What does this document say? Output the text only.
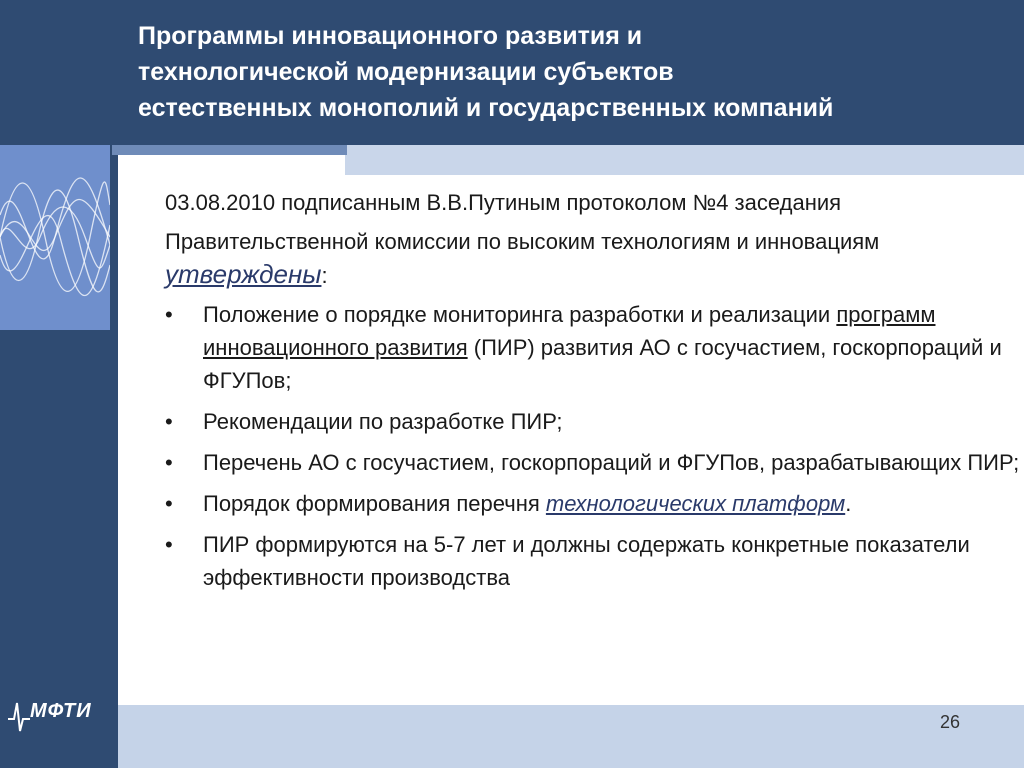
Программы инновационного развития и
технологической модернизации субъектов
естественных монополий и государственных компаний

03.08.2010 подписанным В.В.Путиным протоколом №4 заседания

Правительственной комиссии по высоким технологиям и инновациям утверждены:

• Положение о порядке мониторинга разработки и реализации программ инновационного развития (ПИР) развития АО с госучастием, госкорпораций и ФГУПов;
• Рекомендации по разработке ПИР;
• Перечень АО с госучастием, госкорпораций и ФГУПов, разрабатывающих ПИР;
• Порядок формирования перечня технологических платформ.
• ПИР формируются на 5-7 лет и должны содержать конкретные показатели эффективности производства
26
МФТИ
